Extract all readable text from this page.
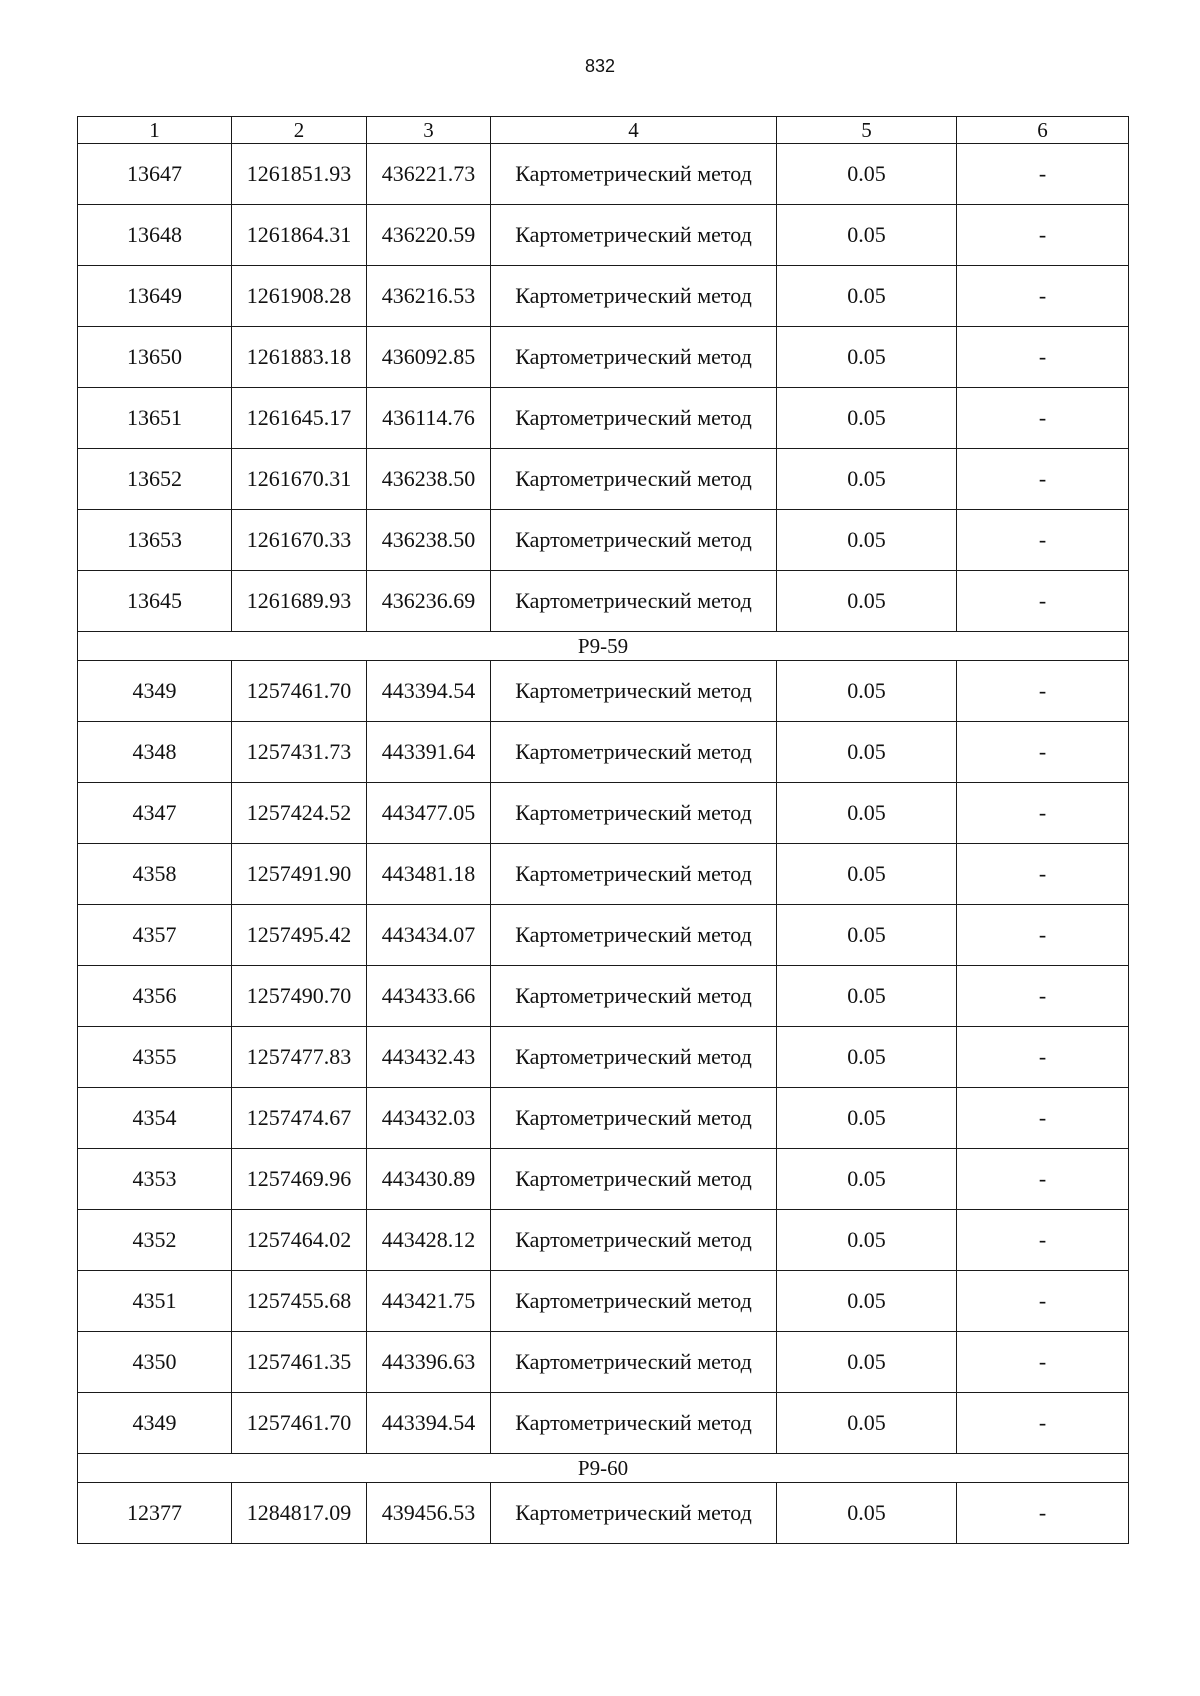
832
1	2	3	4	5	6
13647	1261851.93	436221.73	Картометрический метод	0.05	-
13648	1261864.31	436220.59	Картометрический метод	0.05	-
13649	1261908.28	436216.53	Картометрический метод	0.05	-
13650	1261883.18	436092.85	Картометрический метод	0.05	-
13651	1261645.17	436114.76	Картометрический метод	0.05	-
13652	1261670.31	436238.50	Картометрический метод	0.05	-
13653	1261670.33	436238.50	Картометрический метод	0.05	-
13645	1261689.93	436236.69	Картометрический метод	0.05	-
Р9-59					
4349	1257461.70	443394.54	Картометрический метод	0.05	-
4348	1257431.73	443391.64	Картометрический метод	0.05	-
4347	1257424.52	443477.05	Картометрический метод	0.05	-
4358	1257491.90	443481.18	Картометрический метод	0.05	-
4357	1257495.42	443434.07	Картометрический метод	0.05	-
4356	1257490.70	443433.66	Картометрический метод	0.05	-
4355	1257477.83	443432.43	Картометрический метод	0.05	-
4354	1257474.67	443432.03	Картометрический метод	0.05	-
4353	1257469.96	443430.89	Картометрический метод	0.05	-
4352	1257464.02	443428.12	Картометрический метод	0.05	-
4351	1257455.68	443421.75	Картометрический метод	0.05	-
4350	1257461.35	443396.63	Картометрический метод	0.05	-
4349	1257461.70	443394.54	Картометрический метод	0.05	-
Р9-60					
12377	1284817.09	439456.53	Картометрический метод	0.05	-
